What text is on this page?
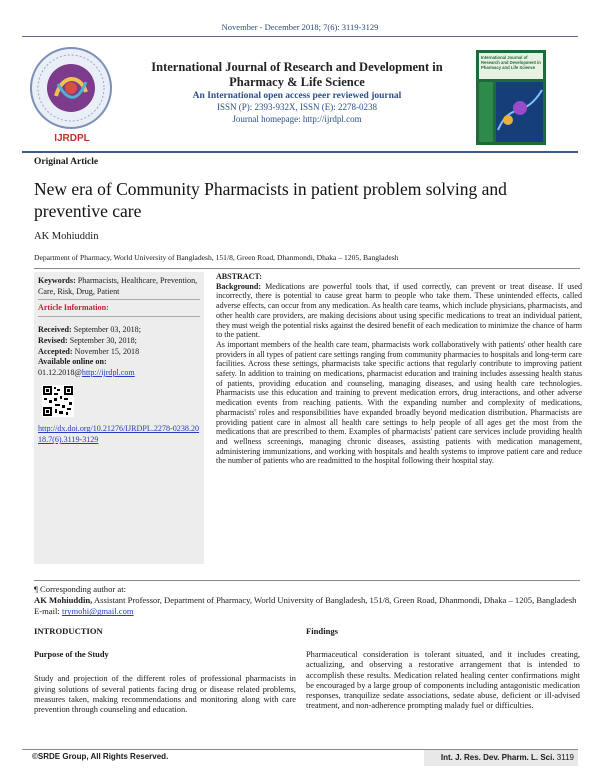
November - December 2018; 7(6): 3119-3129
IJRDPL
International Journal of Research and Development in
Pharmacy & Life Science
An International open access peer reviewed journal
ISSN (P): 2393-932X, ISSN (E): 2278-0238
Journal homepage: http://ijrdpl.com
International Journal of Research and Development in Pharmacy and Life Science
Original Article
New era of Community Pharmacists in patient problem solving and preventive care
AK Mohiuddin
Department of Pharmacy, World University of Bangladesh, 151/8, Green Road, Dhanmondi, Dhaka – 1205, Bangladesh
Keywords: Pharmacists, Healthcare, Prevention, Care, Risk, Drug, Patient
Article Information:
Received: September 03, 2018;
Revised: September 30, 2018;
Accepted: November 15, 2018
Available online on:
01.12.2018@http://ijrdpl.com
http://dx.doi.org/10.21276/IJRDPL.2278-0238.2018.7(6).3119-3129
ABSTRACT:
Background: Medications are powerful tools that, if used correctly, can prevent or treat disease. If used incorrectly, there is potential to cause great harm to people who take them. These unintended effects, called adverse effects, can occur from any medication. As health care teams, which include physicians, pharmacists, and other health care providers, are making decisions about using specific medications to treat an individual patient, they must weigh the potential risks against the desired benefit of each medication to minimize the chance of harm to the patient.
As important members of the health care team, pharmacists work collaboratively with patients' other health care providers in all types of patient care settings ranging from community pharmacies to hospitals and long-term care facilities. Across these settings, pharmacists take specific actions that regularly contribute to improving patient safety. In addition to training on medications, pharmacist education and training includes assessing health status of patients, providing education and counseling, managing diseases, and using health care technologies. Pharmacists use this education and training to prevent medication errors, drug interactions, and other adverse medication events from reaching patients. With the expanding number and complexity of medications, pharmacists' roles and responsibilities have expanded broadly beyond medication distribution. Pharmacists are providing patient care in almost all health care settings to help people of all ages get the most from the medications that are prescribed to them. Examples of pharmacists' patient care services include providing health and wellness screenings, managing chronic diseases, assisting patients with medication management, administering immunizations, and working with hospitals and health systems to improve patient care and reduce the number of patients who are readmitted to the hospital following their hospital stay.
¶ Corresponding author at:
AK Mohiuddin, Assistant Professor, Department of Pharmacy, World University of Bangladesh, 151/8, Green Road, Dhanmondi, Dhaka – 1205, Bangladesh
E-mail: trymohi@gmail.com
INTRODUCTION
Purpose of the Study
Study and projection of the different roles of professional pharmacists in giving solutions of several patients facing drug or disease related problems, measures taken, making recommendations and monitoring along with care prevention through counseling and education.
Findings
Pharmaceutical consideration is tolerant situated, and it includes creating, actualizing, and observing a restorative arrangement that is intended to accomplish these results. Medication related healing center confirmations might be encouraged by a large group of components including antagonistic medication responses, tranquilize sedate associations, sedate abuse, deficient or ill-advised treatment, and non-adherence prompting malady fuel or difficulties.
©SRDE Group, All Rights Reserved.	Int. J. Res. Dev. Pharm. L. Sci. 3119
